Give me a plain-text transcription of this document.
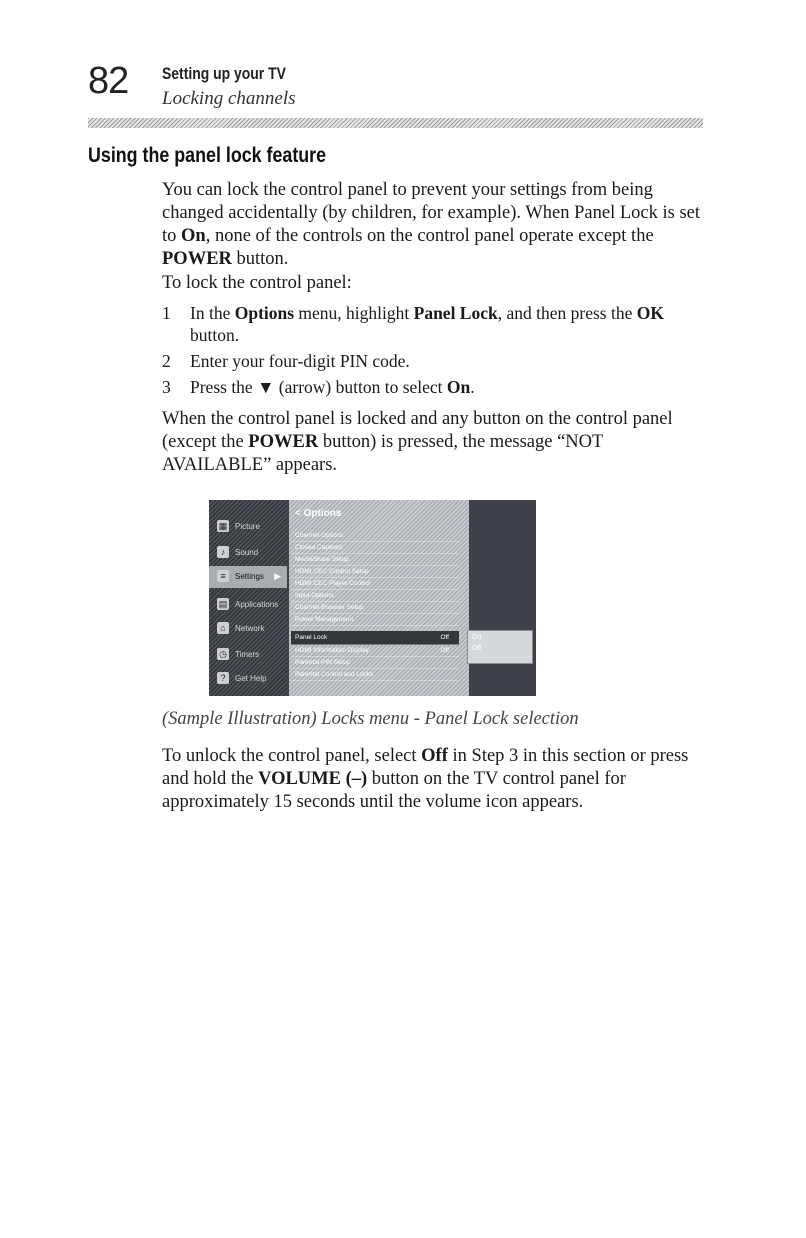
82 Setting up your TV
Locking channels
Using the panel lock feature
You can lock the control panel to prevent your settings from being changed accidentally (by children, for example). When Panel Lock is set to On, none of the controls on the control panel operate except the POWER button.
To lock the control panel:
1 In the Options menu, highlight Panel Lock, and then press the OK button.
2 Enter your four-digit PIN code.
3 Press the ▼ (arrow) button to select On.
When the control panel is locked and any button on the control panel (except the POWER button) is pressed, the message “NOT AVAILABLE” appears.
▦ Picture
♪	Sound
≡	Settings ▶
▤ Applications
⌂	Network
◷ Timers
?	Get Help
< Options
Channel Options
Closed Captions
MediaShare Setup
HDMI CEC Control Setup
HDMI CEC Player Control
Input Options
Channel Browser Setup
Power Management
Panel Lock	Off
HDMI Information Display	Off
Parental PIN Setup
Parental Control and Locks
On
Off
(Sample Illustration) Locks menu - Panel Lock selection
To unlock the control panel, select Off in Step 3 in this section or press and hold the VOLUME (–) button on the TV control panel for approximately 15 seconds until the volume icon appears.
